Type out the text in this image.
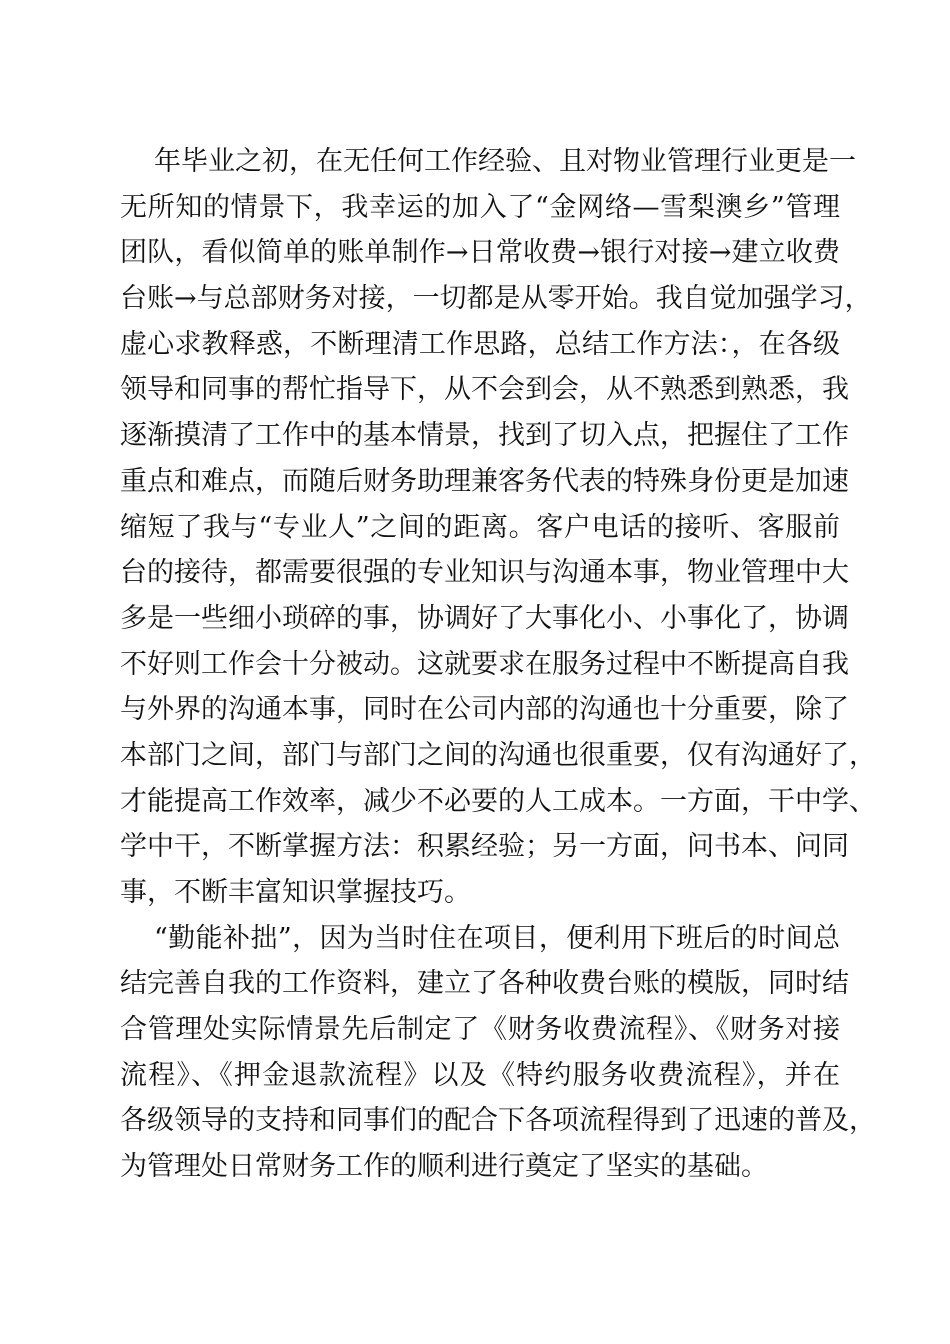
年毕业之初，在无任何工作经验、且对物业管理行业更是一
无所知的情景下，我幸运的加入了“金网络—雪梨澳乡”管理
团队，看似简单的账单制作→日常收费→银行对接→建立收费
台账→与总部财务对接，一切都是从零开始。我自觉加强学习，
虚心求教释惑，不断理清工作思路，总结工作方法：，在各级
领导和同事的帮忙指导下，从不会到会，从不熟悉到熟悉，我
逐渐摸清了工作中的基本情景，找到了切入点，把握住了工作
重点和难点，而随后财务助理兼客务代表的特殊身份更是加速
缩短了我与“专业人”之间的距离。客户电话的接听、客服前
台的接待，都需要很强的专业知识与沟通本事，物业管理中大
多是一些细小琐碎的事，协调好了大事化小、小事化了，协调
不好则工作会十分被动。这就要求在服务过程中不断提高自我
与外界的沟通本事，同时在公司内部的沟通也十分重要，除了
本部门之间，部门与部门之间的沟通也很重要，仅有沟通好了，
才能提高工作效率，减少不必要的人工成本。一方面，干中学、
学中干，不断掌握方法：积累经验；另一方面，问书本、问同
事，不断丰富知识掌握技巧。
“勤能补拙”，因为当时住在项目，便利用下班后的时间总
结完善自我的工作资料，建立了各种收费台账的模版，同时结
合管理处实际情景先后制定了《财务收费流程》、《财务对接
流程》、《押金退款流程》以及《特约服务收费流程》，并在
各级领导的支持和同事们的配合下各项流程得到了迅速的普及，
为管理处日常财务工作的顺利进行奠定了坚实的基础。
